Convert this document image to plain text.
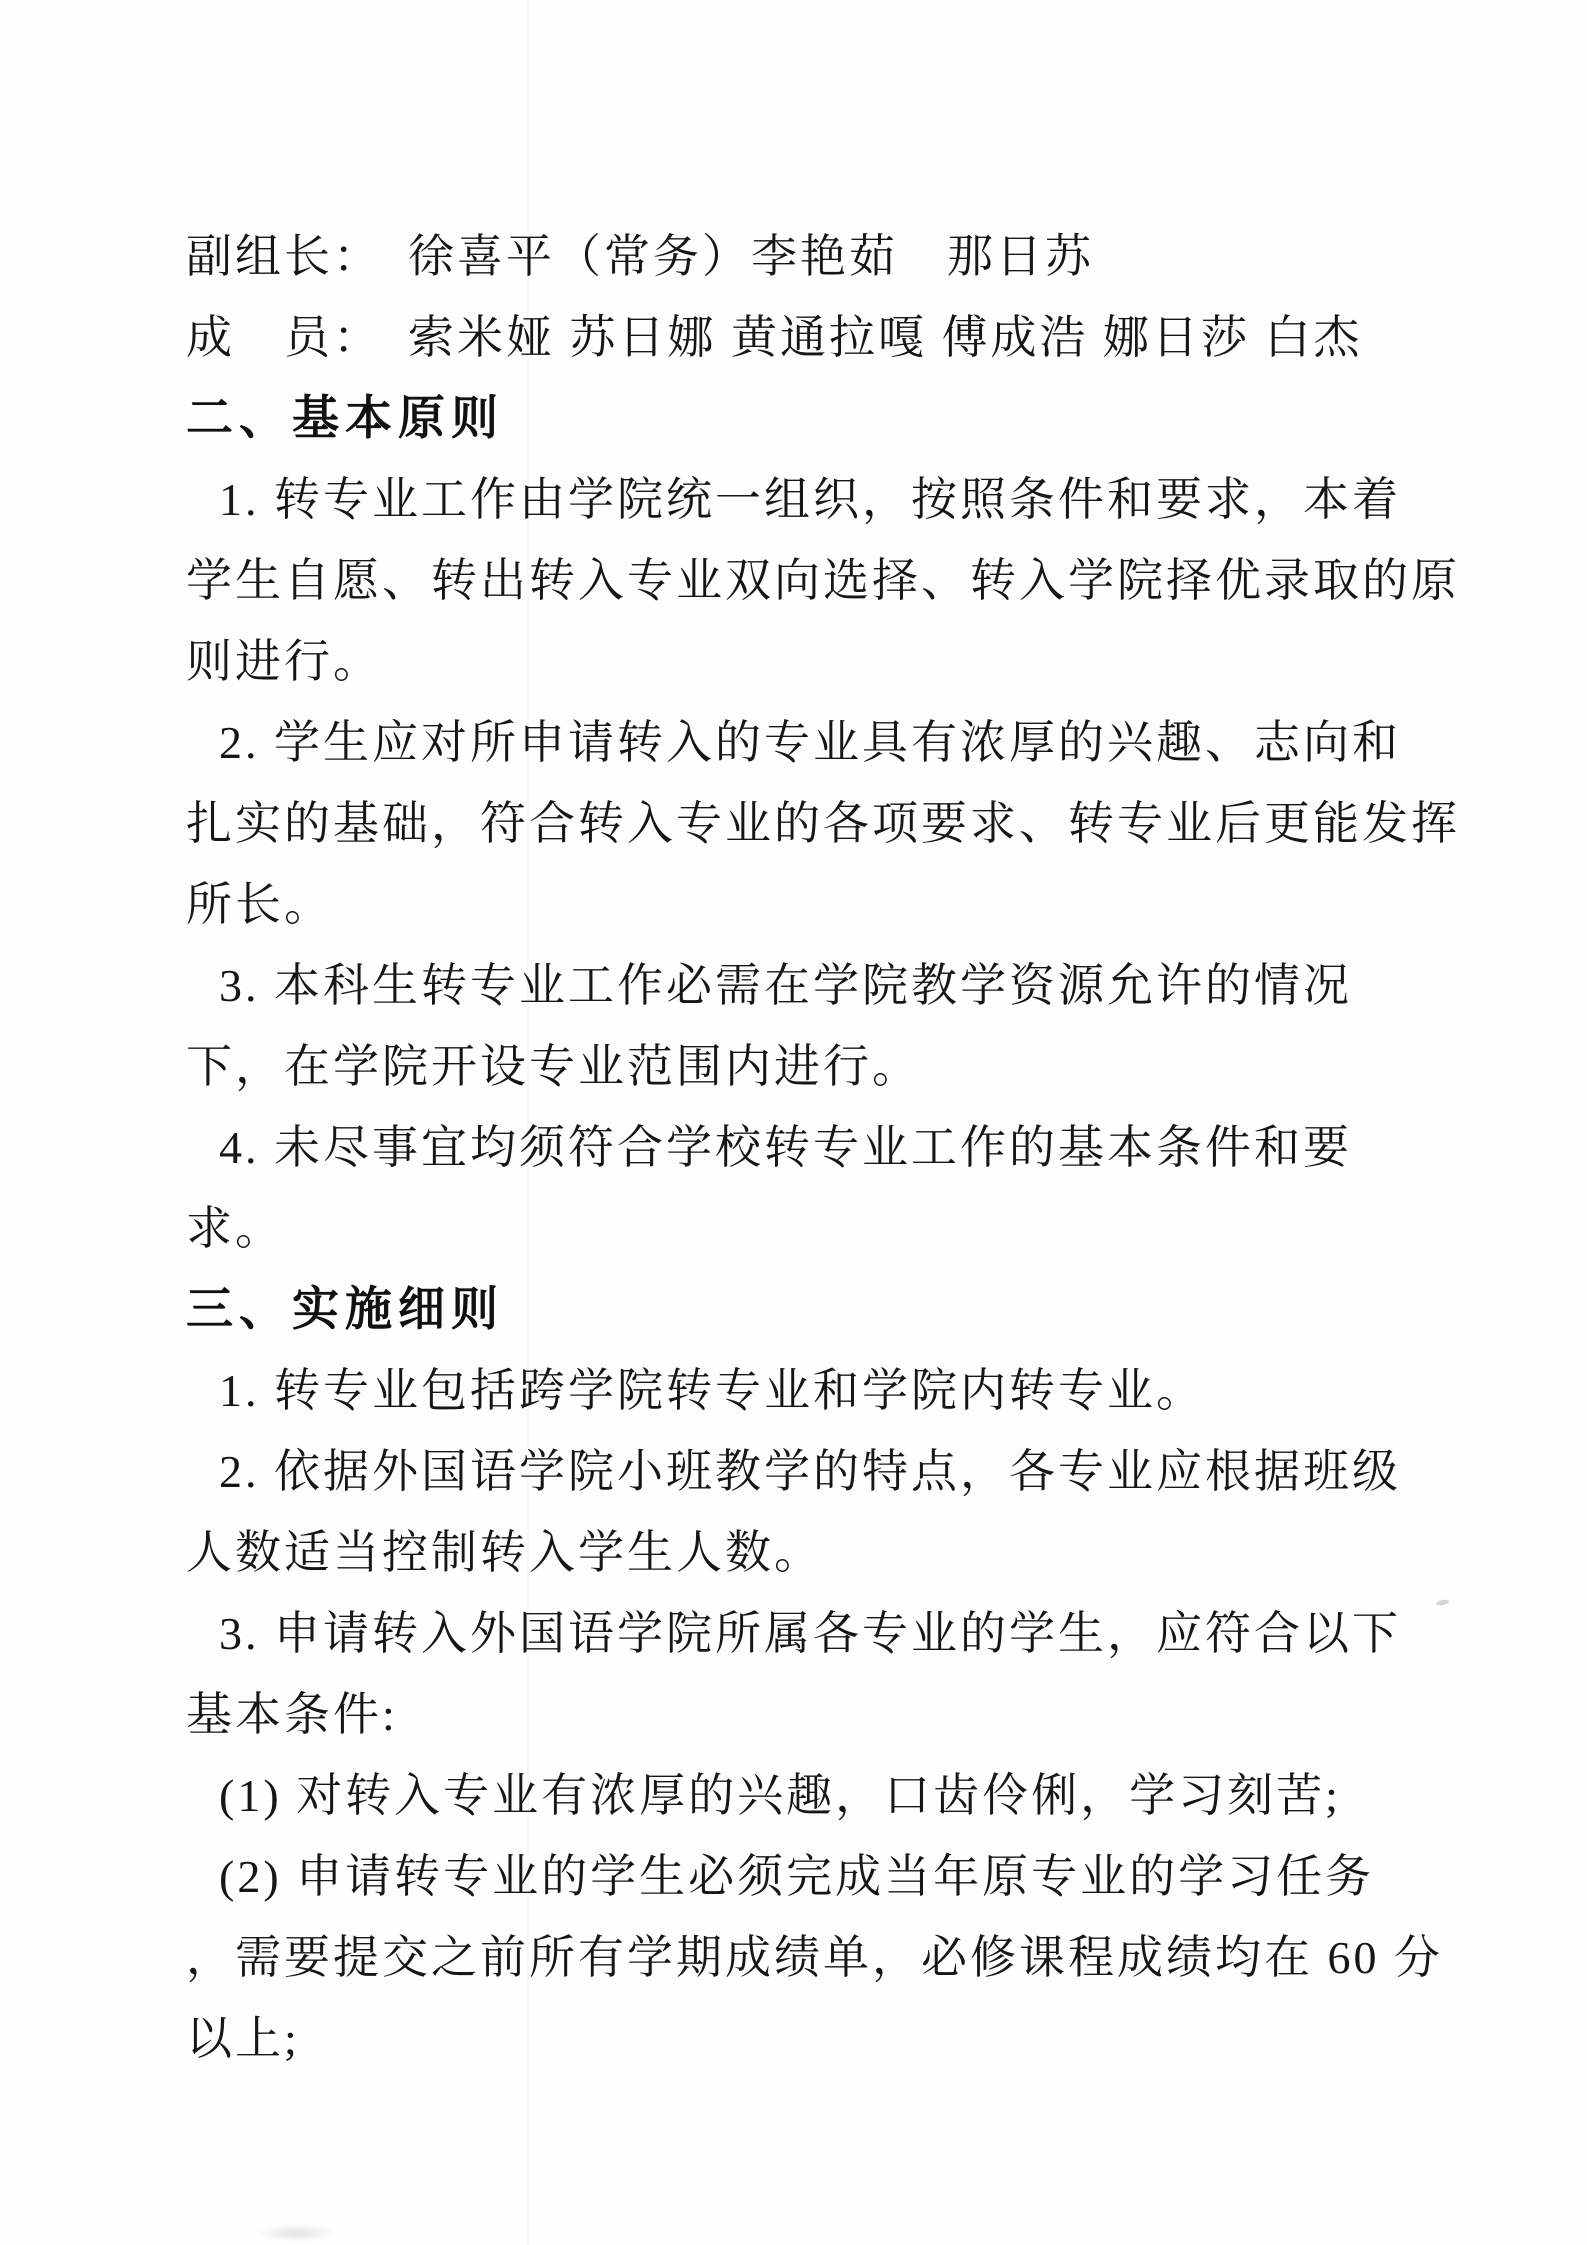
副组长：　徐喜平（常务）李艳茹　那日苏

成　员：　索米娅 苏日娜 黄通拉嘎 傅成浩 娜日莎 白杰

二、基本原则

1. 转专业工作由学院统一组织，按照条件和要求，本着

学生自愿、转出转入专业双向选择、转入学院择优录取的原

则进行。

2. 学生应对所申请转入的专业具有浓厚的兴趣、志向和

扎实的基础，符合转入专业的各项要求、转专业后更能发挥

所长。

3. 本科生转专业工作必需在学院教学资源允许的情况

下，在学院开设专业范围内进行。

4. 未尽事宜均须符合学校转专业工作的基本条件和要

求。

三、实施细则

1. 转专业包括跨学院转专业和学院内转专业。

2. 依据外国语学院小班教学的特点，各专业应根据班级

人数适当控制转入学生人数。

3. 申请转入外国语学院所属各专业的学生，应符合以下

基本条件:

(1) 对转入专业有浓厚的兴趣，口齿伶俐，学习刻苦;

(2) 申请转专业的学生必须完成当年原专业的学习任务

，需要提交之前所有学期成绩单，必修课程成绩均在 60 分

以上;
